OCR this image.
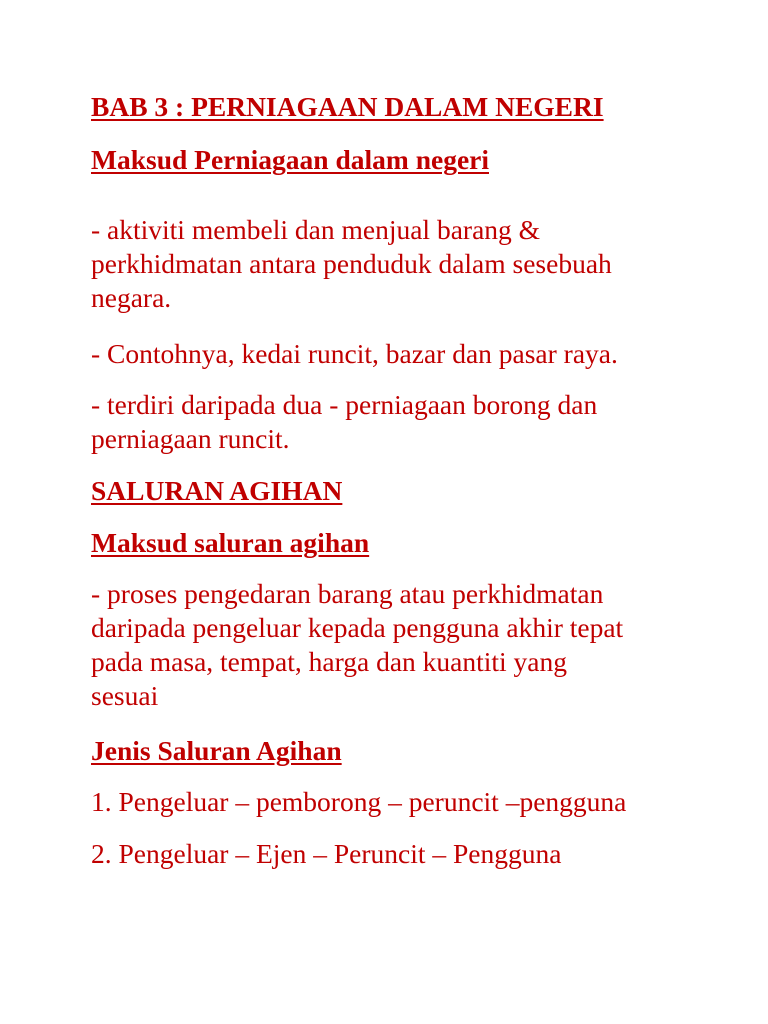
BAB 3 : PERNIAGAAN DALAM NEGERI
Maksud Perniagaan dalam negeri

- aktiviti membeli dan menjual barang &
perkhidmatan antara penduduk dalam sesebuah
negara.

- Contohnya, kedai runcit, bazar dan pasar raya.

- terdiri daripada dua - perniagaan borong dan
perniagaan runcit.

SALURAN AGIHAN
Maksud saluran agihan

- proses pengedaran barang atau perkhidmatan
daripada pengeluar kepada pengguna akhir tepat
pada masa, tempat, harga dan kuantiti yang
sesuai

Jenis Saluran Agihan

1. Pengeluar – pemborong – peruncit –pengguna

2. Pengeluar – Ejen – Peruncit – Pengguna
